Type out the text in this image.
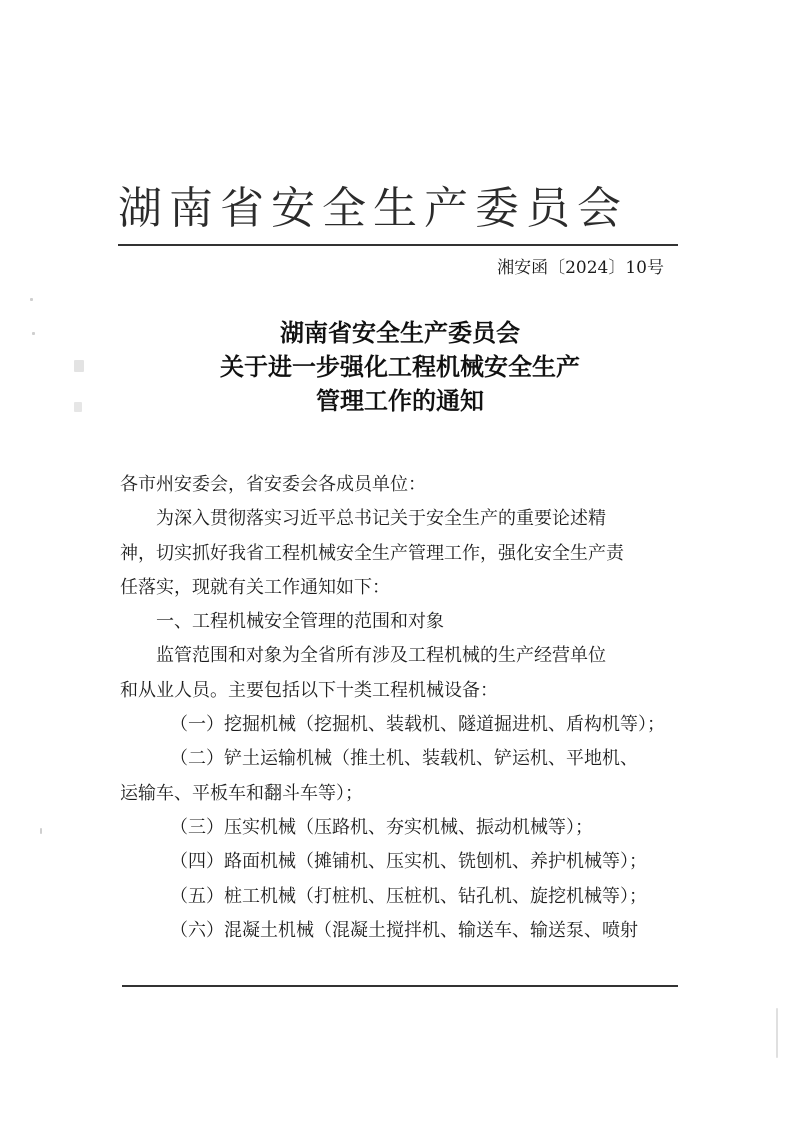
湖南省安全生产委员会
湘安函〔2024〕10号
湖南省安全生产委员会
关于进一步强化工程机械安全生产
管理工作的通知
各市州安委会，省安委会各成员单位：
为深入贯彻落实习近平总书记关于安全生产的重要论述精
神，切实抓好我省工程机械安全生产管理工作，强化安全生产责
任落实，现就有关工作通知如下：
一、工程机械安全管理的范围和对象
监管范围和对象为全省所有涉及工程机械的生产经营单位
和从业人员。主要包括以下十类工程机械设备：
（一）挖掘机械（挖掘机、装载机、隧道掘进机、盾构机等）；
（二）铲土运输机械（推土机、装载机、铲运机、平地机、
运输车、平板车和翻斗车等）；
（三）压实机械（压路机、夯实机械、振动机械等）；
（四）路面机械（摊铺机、压实机、铣刨机、养护机械等）；
（五）桩工机械（打桩机、压桩机、钻孔机、旋挖机械等）；
（六）混凝土机械（混凝土搅拌机、输送车、输送泵、喷射
